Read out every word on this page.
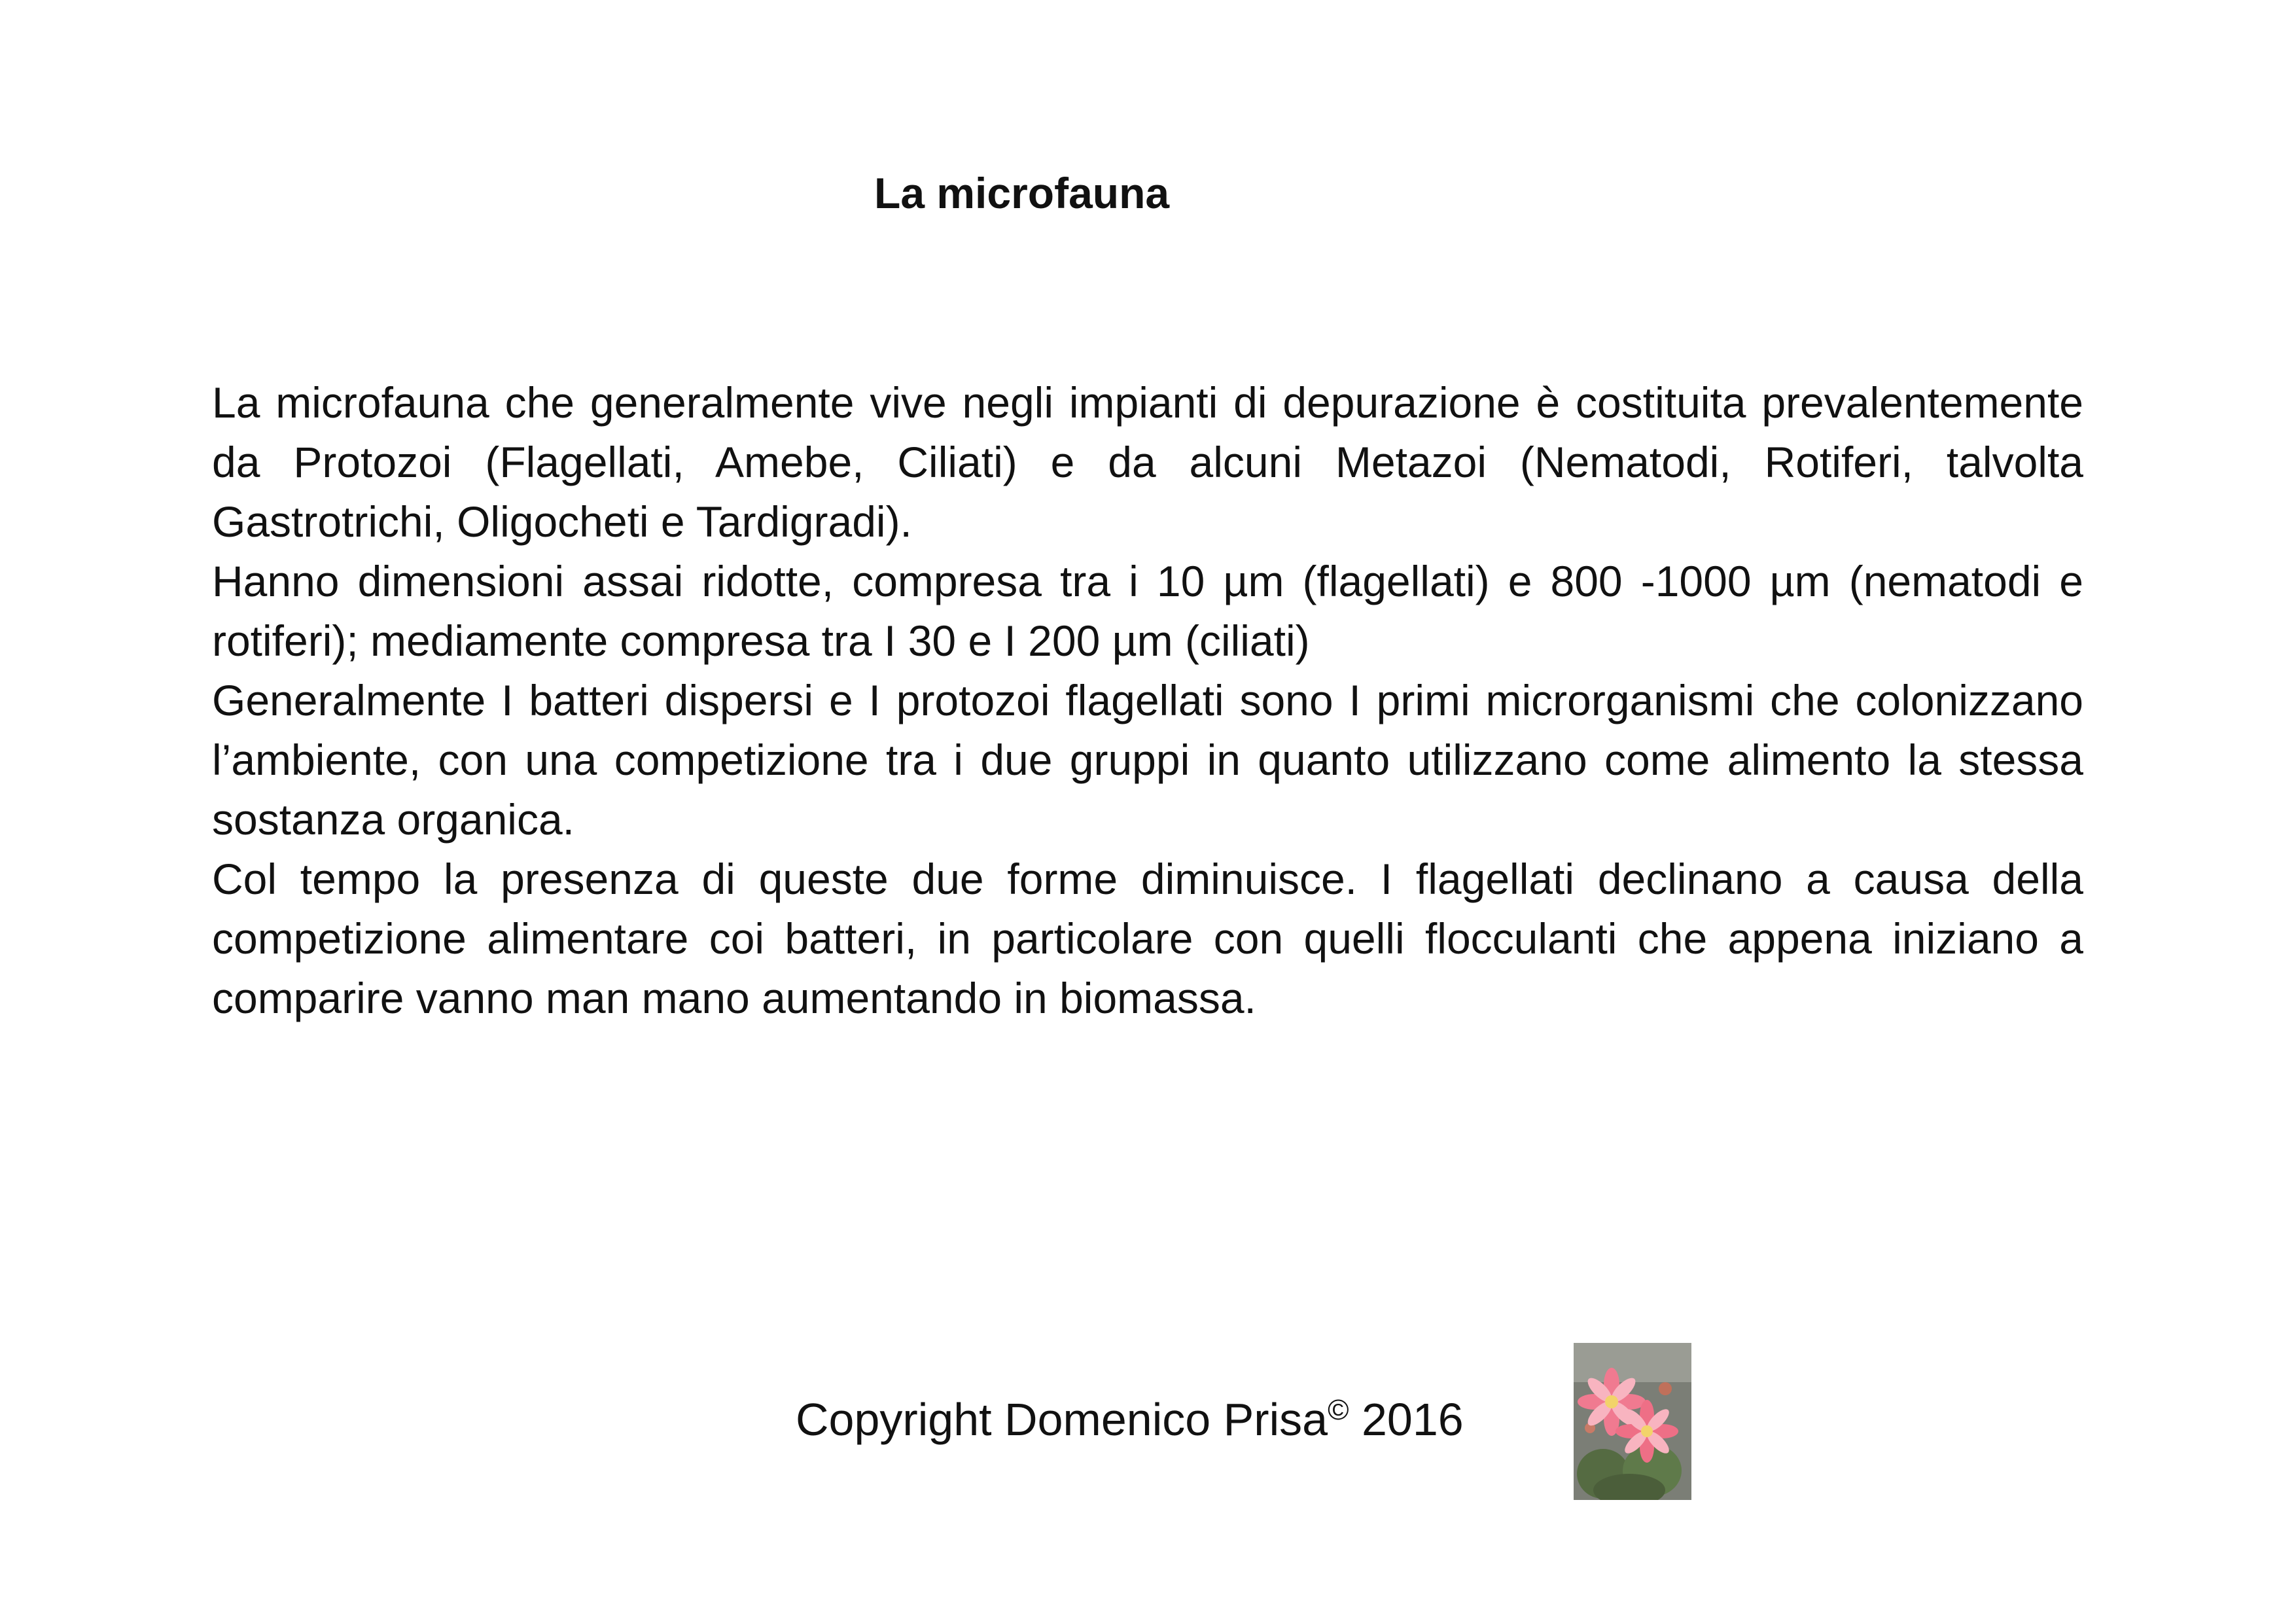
La microfauna

La microfauna che generalmente vive negli impianti di depurazione è costituita prevalentemente da Protozoi (Flagellati, Amebe, Ciliati) e da alcuni Metazoi (Nematodi, Rotiferi, talvolta Gastrotrichi, Oligocheti e Tardigradi).

Hanno dimensioni assai ridotte, compresa tra i 10 µm (flagellati) e 800 -1000 µm (nematodi e rotiferi); mediamente compresa tra I 30 e I 200 µm (ciliati)

Generalmente I batteri dispersi e I protozoi flagellati sono I primi microrganismi che colonizzano l’ambiente, con una competizione tra i due gruppi in quanto utilizzano come alimento la stessa sostanza organica.

Col tempo la presenza di queste due forme diminuisce. I flagellati declinano a causa della competizione alimentare coi batteri, in particolare con quelli flocculanti che appena iniziano a comparire vanno man mano aumentando in biomassa.

Copyright Domenico Prisa© 2016
